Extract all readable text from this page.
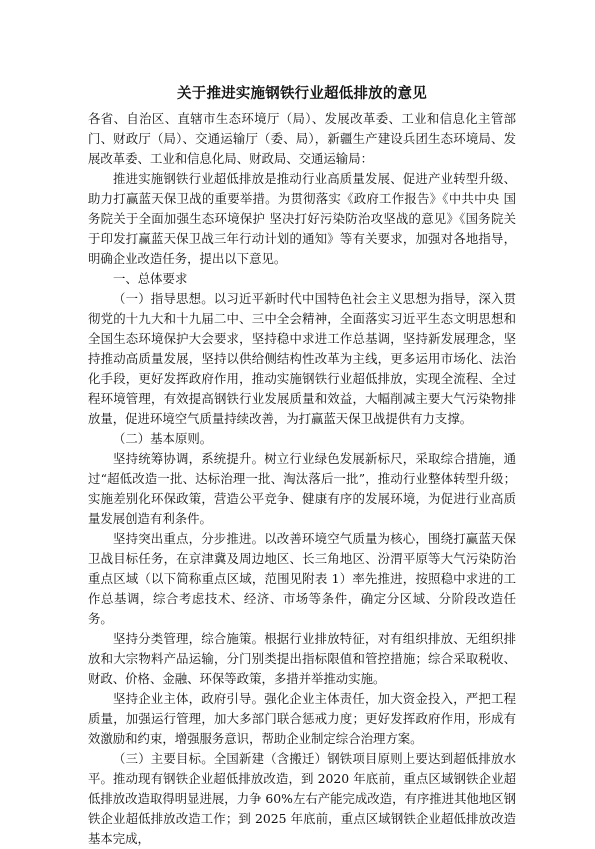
关于推进实施钢铁行业超低排放的意见

各省、自治区、直辖市生态环境厅（局）、发展改革委、工业和信息化主管部门、财政厅（局）、交通运输厅（委、局），新疆生产建设兵团生态环境局、发展改革委、工业和信息化局、财政局、交通运输局：

推进实施钢铁行业超低排放是推动行业高质量发展、促进产业转型升级、助力打赢蓝天保卫战的重要举措。为贯彻落实《政府工作报告》《中共中央 国务院关于全面加强生态环境保护 坚决打好污染防治攻坚战的意见》《国务院关于印发打赢蓝天保卫战三年行动计划的通知》等有关要求，加强对各地指导，明确企业改造任务，提出以下意见。

一、总体要求

（一）指导思想。以习近平新时代中国特色社会主义思想为指导，深入贯彻党的十九大和十九届二中、三中全会精神，全面落实习近平生态文明思想和全国生态环境保护大会要求，坚持稳中求进工作总基调，坚持新发展理念，坚持推动高质量发展，坚持以供给侧结构性改革为主线，更多运用市场化、法治化手段，更好发挥政府作用，推动实施钢铁行业超低排放，实现全流程、全过程环境管理，有效提高钢铁行业发展质量和效益，大幅削减主要大气污染物排放量，促进环境空气质量持续改善，为打赢蓝天保卫战提供有力支撑。

（二）基本原则。

坚持统筹协调，系统提升。树立行业绿色发展新标尺，采取综合措施，通过“超低改造一批、达标治理一批、淘汰落后一批”，推动行业整体转型升级；实施差别化环保政策，营造公平竞争、健康有序的发展环境，为促进行业高质量发展创造有利条件。

坚持突出重点，分步推进。以改善环境空气质量为核心，围绕打赢蓝天保卫战目标任务，在京津冀及周边地区、长三角地区、汾渭平原等大气污染防治重点区域（以下简称重点区域，范围见附表 1）率先推进，按照稳中求进的工作总基调，综合考虑技术、经济、市场等条件，确定分区域、分阶段改造任务。

坚持分类管理，综合施策。根据行业排放特征，对有组织排放、无组织排放和大宗物料产品运输，分门别类提出指标限值和管控措施；综合采取税收、财政、价格、金融、环保等政策，多措并举推动实施。

坚持企业主体，政府引导。强化企业主体责任，加大资金投入，严把工程质量，加强运行管理，加大多部门联合惩戒力度；更好发挥政府作用，形成有效激励和约束，增强服务意识，帮助企业制定综合治理方案。

（三）主要目标。全国新建（含搬迁）钢铁项目原则上要达到超低排放水平。推动现有钢铁企业超低排放改造，到 2020 年底前，重点区域钢铁企业超低排放改造取得明显进展，力争 60%左右产能完成改造，有序推进其他地区钢铁企业超低排放改造工作；到 2025 年底前，重点区域钢铁企业超低排放改造基本完成，
